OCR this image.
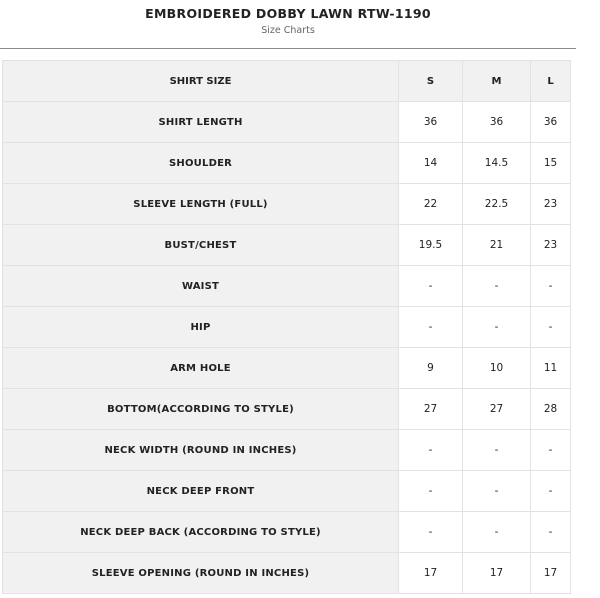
EMBROIDERED DOBBY LAWN RTW-1190
Size Charts
SHIRT SIZE	S	M	L
SHIRT LENGTH	36	36	36
SHOULDER	14	14.5	15
SLEEVE LENGTH (FULL)	22	22.5	23
BUST/CHEST	19.5	21	23
WAIST	-	-	-
HIP	-	-	-
ARM HOLE	9	10	11
BOTTOM(ACCORDING TO STYLE)	27	27	28
NECK WIDTH (ROUND IN INCHES)	-	-	-
NECK DEEP FRONT	-	-	-
NECK DEEP BACK (ACCORDING TO STYLE)	-	-	-
SLEEVE OPENING (ROUND IN INCHES)	17	17	17
